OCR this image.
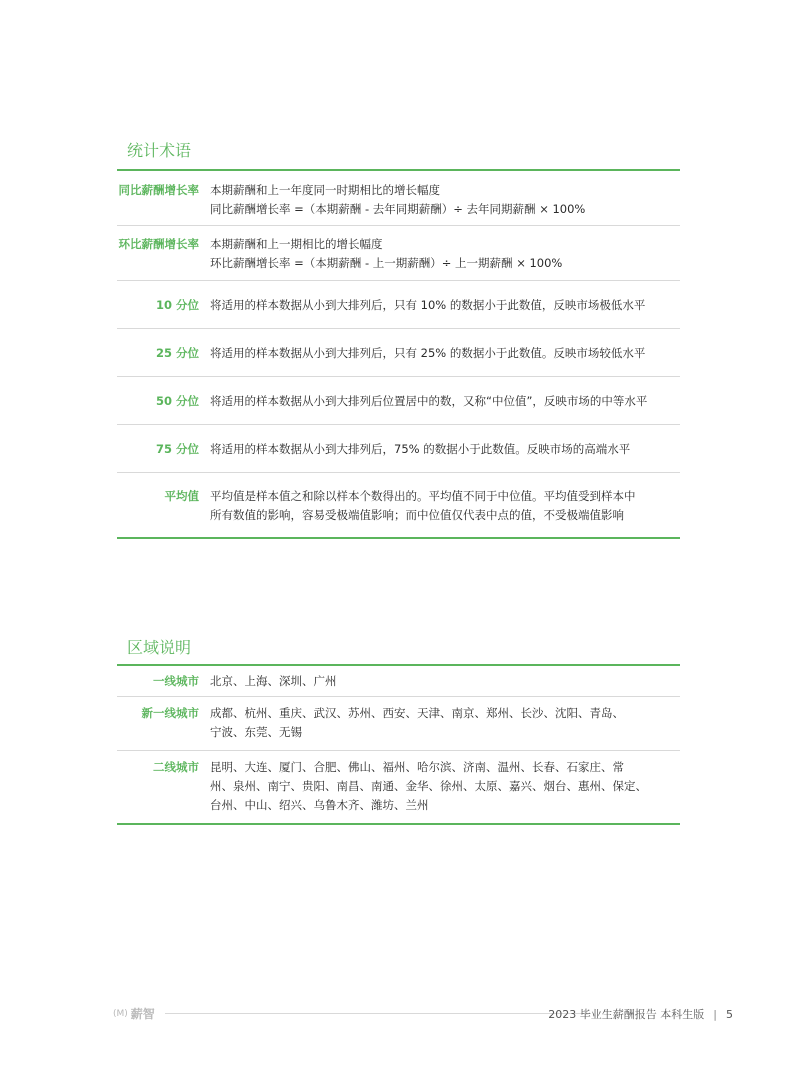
统计术语
同比薪酬增长率 本期薪酬和上一年度同一时期相比的增长幅度
同比薪酬增长率 =（本期薪酬 - 去年同期薪酬）÷ 去年同期薪酬 × 100%
环比薪酬增长率 本期薪酬和上一期相比的增长幅度
环比薪酬增长率 =（本期薪酬 - 上一期薪酬）÷ 上一期薪酬 × 100%
10 分位 将适用的样本数据从小到大排列后，只有 10% 的数据小于此数值，反映市场极低水平
25 分位 将适用的样本数据从小到大排列后，只有 25% 的数据小于此数值。反映市场较低水平
50 分位 将适用的样本数据从小到大排列后位置居中的数，又称“中位值”，反映市场的中等水平
75 分位 将适用的样本数据从小到大排列后，75% 的数据小于此数值。反映市场的高端水平
平均值 平均值是样本值之和除以样本个数得出的。平均值不同于中位值。平均值受到样本中
所有数值的影响，容易受极端值影响；而中位值仅代表中点的值，不受极端值影响
区域说明
一线城市 北京、上海、深圳、广州
新一线城市 成都、杭州、重庆、武汉、苏州、西安、天津、南京、郑州、长沙、沈阳、青岛、
宁波、东莞、无锡
二线城市 昆明、大连、厦门、合肥、佛山、福州、哈尔滨、济南、温州、长春、石家庄、常
州、泉州、南宁、贵阳、南昌、南通、金华、徐州、太原、嘉兴、烟台、惠州、保定、
台州、中山、绍兴、乌鲁木齐、潍坊、兰州
(M) 薪智	2023 毕业生薪酬报告 本科生版 | 5
